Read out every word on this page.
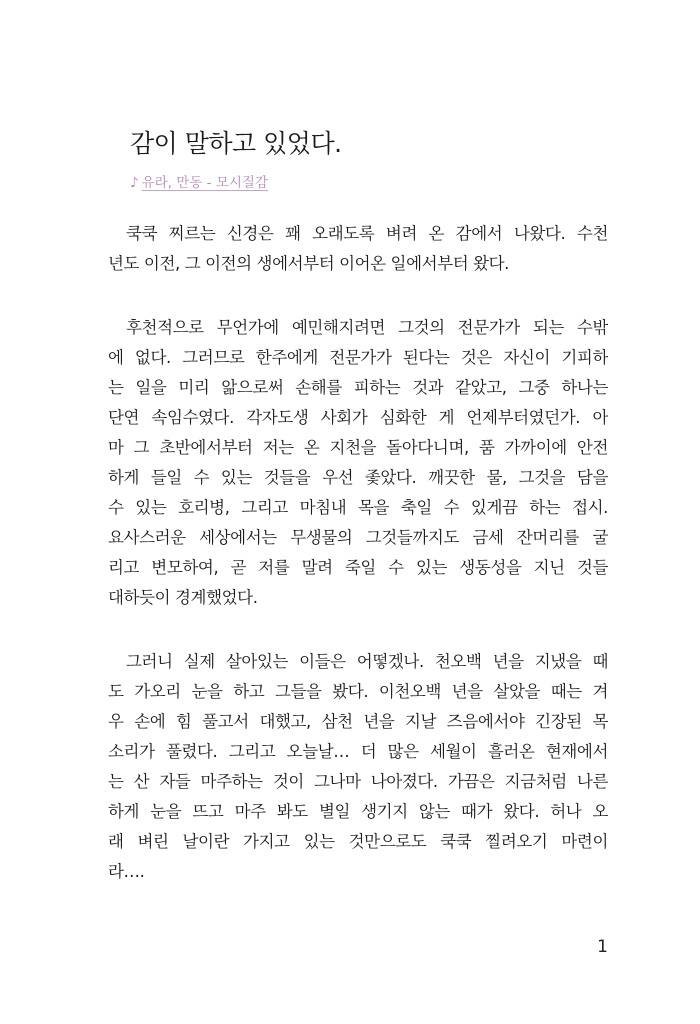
감이 말하고 있었다.
♪ 유라, 만동 - 모시질감
쿡쿡 찌르는 신경은 꽤 오래도록 벼려 온 감에서 나왔다. 수천
년도 이전, 그 이전의 생에서부터 이어온 일에서부터 왔다.
후천적으로 무언가에 예민해지려면 그것의 전문가가 되는 수밖
에 없다. 그러므로 한주에게 전문가가 된다는 것은 자신이 기피하
는 일을 미리 앎으로써 손해를 피하는 것과 같았고, 그중 하나는
단연 속임수였다. 각자도생 사회가 심화한 게 언제부터였던가. 아
마 그 초반에서부터 저는 온 지천을 돌아다니며, 품 가까이에 안전
하게 들일 수 있는 것들을 우선 좇았다. 깨끗한 물, 그것을 담을
수 있는 호리병, 그리고 마침내 목을 축일 수 있게끔 하는 접시.
요사스러운 세상에서는 무생물의 그것들까지도 금세 잔머리를 굴
리고 변모하여, 곧 저를 말려 죽일 수 있는 생동성을 지닌 것들
대하듯이 경계했었다.
그러니 실제 살아있는 이들은 어떻겠나. 천오백 년을 지냈을 때
도 가오리 눈을 하고 그들을 봤다. 이천오백 년을 살았을 때는 겨
우 손에 힘 풀고서 대했고, 삼천 년을 지날 즈음에서야 긴장된 목
소리가 풀렸다. 그리고 오늘날… 더 많은 세월이 흘러온 현재에서
는 산 자들 마주하는 것이 그나마 나아졌다. 가끔은 지금처럼 나른
하게 눈을 뜨고 마주 봐도 별일 생기지 않는 때가 왔다. 허나 오
래 벼린 날이란 가지고 있는 것만으로도 쿡쿡 찔려오기 마련이
라….
1
